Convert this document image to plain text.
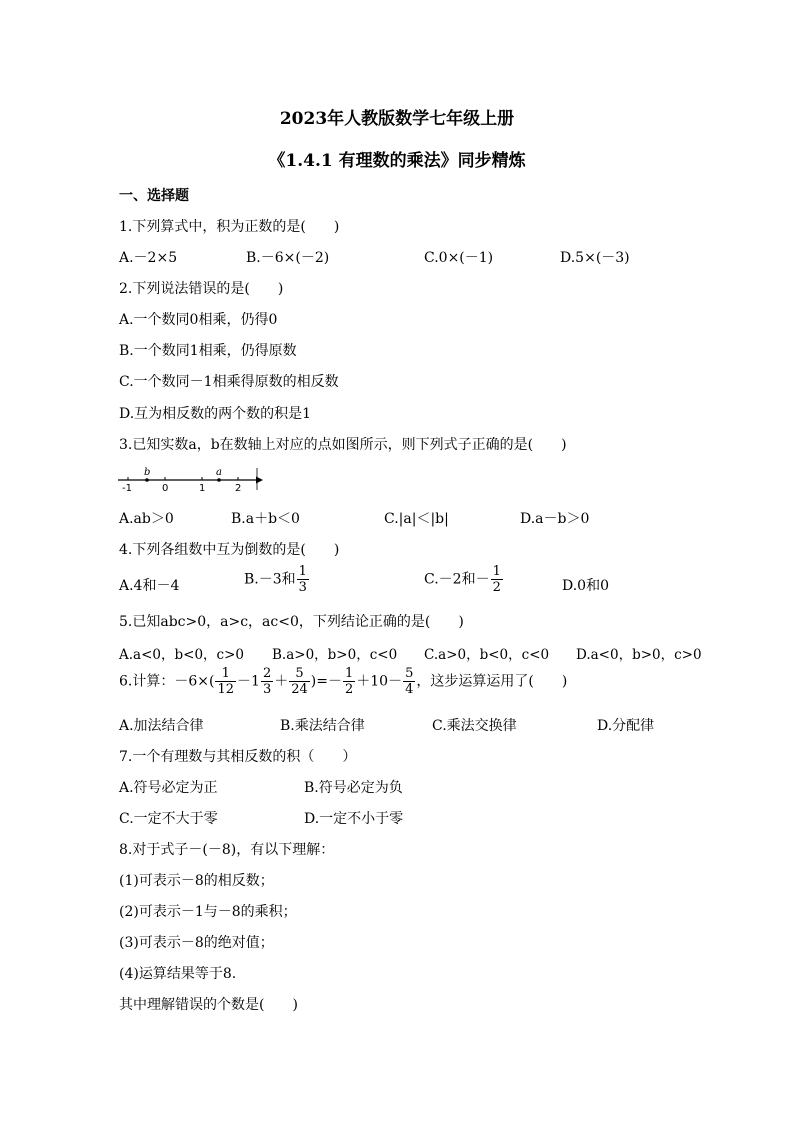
2023年人教版数学七年级上册
《1.4.1 有理数的乘法》同步精炼
一、选择题
1.下列算式中，积为正数的是(　　)
A.－2×5	B.－6×(－2)	C.0×(－1)	D.5×(－3)
2.下列说法错误的是(　　)
A.一个数同0相乘，仍得0
B.一个数同1相乘，仍得原数
C.一个数同－1相乘得原数的相反数
D.互为相反数的两个数的积是1
3.已知实数a，b在数轴上对应的点如图所示，则下列式子正确的是(　　)
b	a
-1	0	1	2
A.ab＞0	B.a＋b＜0	C.|a|＜|b|	D.a－b＞0
4.下列各组数中互为倒数的是(　　)
A.4和－4	B.－3和 $\frac{1}{3}$	C.－2和－ $\frac{1}{2}$	D.0和0
5.已知abc>0，a>c，ac<0，下列结论正确的是(　　)
A.a<0，b<0，c>0 B.a>0，b>0，c<0 C.a>0，b<0，c<0 D.a<0，b>0，c>0
6.计算：$-6\times( \frac{1}{12} -1 \frac{2}{3} + \frac{5}{24}$ )=－ $\frac{1}{2} +10- \frac{5}{4}$ ，这步运算运用了(　　)
A.加法结合律	B.乘法结合律	C.乘法交换律	D.分配律
7.一个有理数与其相反数的积（　　）
A.符号必定为正	B.符号必定为负
C.一定不大于零	D.一定不小于零
8.对于式子－(－8)，有以下理解：
(1)可表示－8的相反数；
(2)可表示－1与－8的乘积；
(3)可表示－8的绝对值；
(4)运算结果等于8.
其中理解错误的个数是(　　)
